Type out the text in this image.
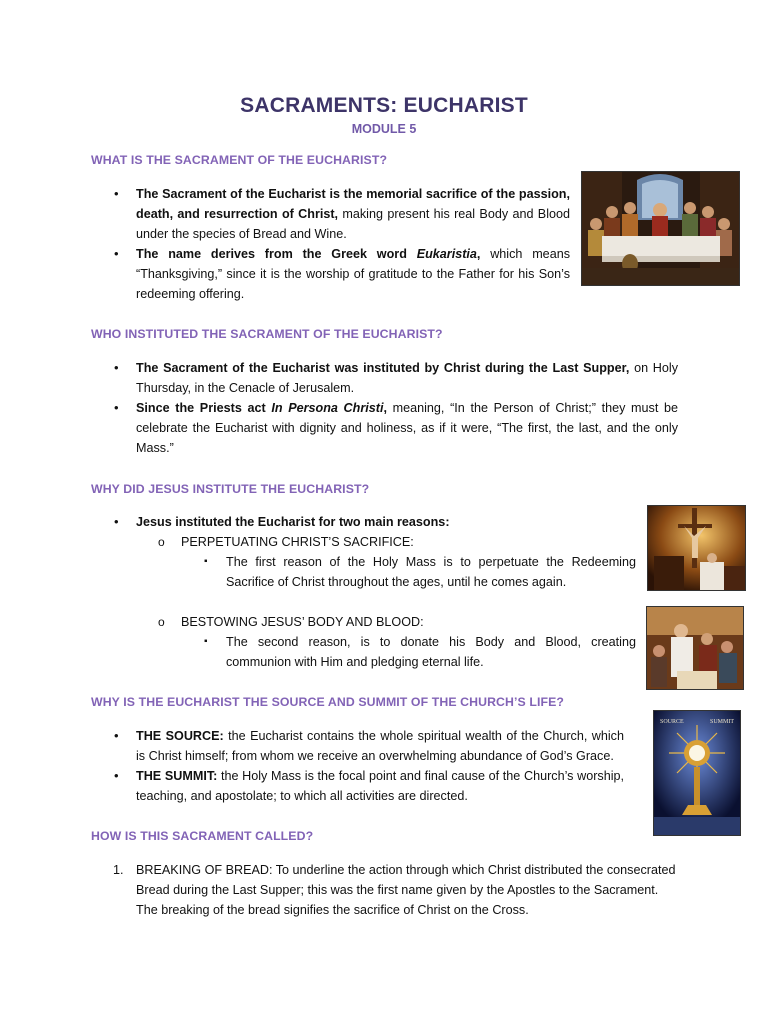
SACRAMENTS: EUCHARIST
MODULE 5
WHAT IS THE SACRAMENT OF THE EUCHARIST?
• The Sacrament of the Eucharist is the memorial sacrifice of the passion, death, and resurrection of Christ, making present his real Body and Blood under the species of Bread and Wine.
• The name derives from the Greek word Eukaristia, which means “Thanksgiving,” since it is the worship of gratitude to the Father for his Son’s redeeming offering.
WHO INSTITUTED THE SACRAMENT OF THE EUCHARIST?
• The Sacrament of the Eucharist was instituted by Christ during the Last Supper, on Holy Thursday, in the Cenacle of Jerusalem.
• Since the Priests act In Persona Christi, meaning, “In the Person of Christ;” they must be celebrate the Eucharist with dignity and holiness, as if it were, “The first, the last, and the only Mass.”
WHY DID JESUS INSTITUTE THE EUCHARIST?
• Jesus instituted the Eucharist for two main reasons:
o PERPETUATING CHRIST’S SACRIFICE:
▪ The first reason of the Holy Mass is to perpetuate the Redeeming Sacrifice of Christ throughout the ages, until he comes again.
o BESTOWING JESUS’ BODY AND BLOOD:
▪ The second reason, is to donate his Body and Blood, creating communion with Him and pledging eternal life.
WHY IS THE EUCHARIST THE SOURCE AND SUMMIT OF THE CHURCH’S LIFE?
• THE SOURCE: the Eucharist contains the whole spiritual wealth of the Church, which is Christ himself; from whom we receive an overwhelming abundance of God’s Grace.
• THE SUMMIT: the Holy Mass is the focal point and final cause of the Church’s worship, teaching, and apostolate; to which all activities are directed.
SOURCE	SUMMIT
HOW IS THIS SACRAMENT CALLED?
1. BREAKING OF BREAD: To underline the action through which Christ distributed the consecrated Bread during the Last Supper; this was the first name given by the Apostles to the Sacrament. The breaking of the bread signifies the sacrifice of Christ on the Cross.
